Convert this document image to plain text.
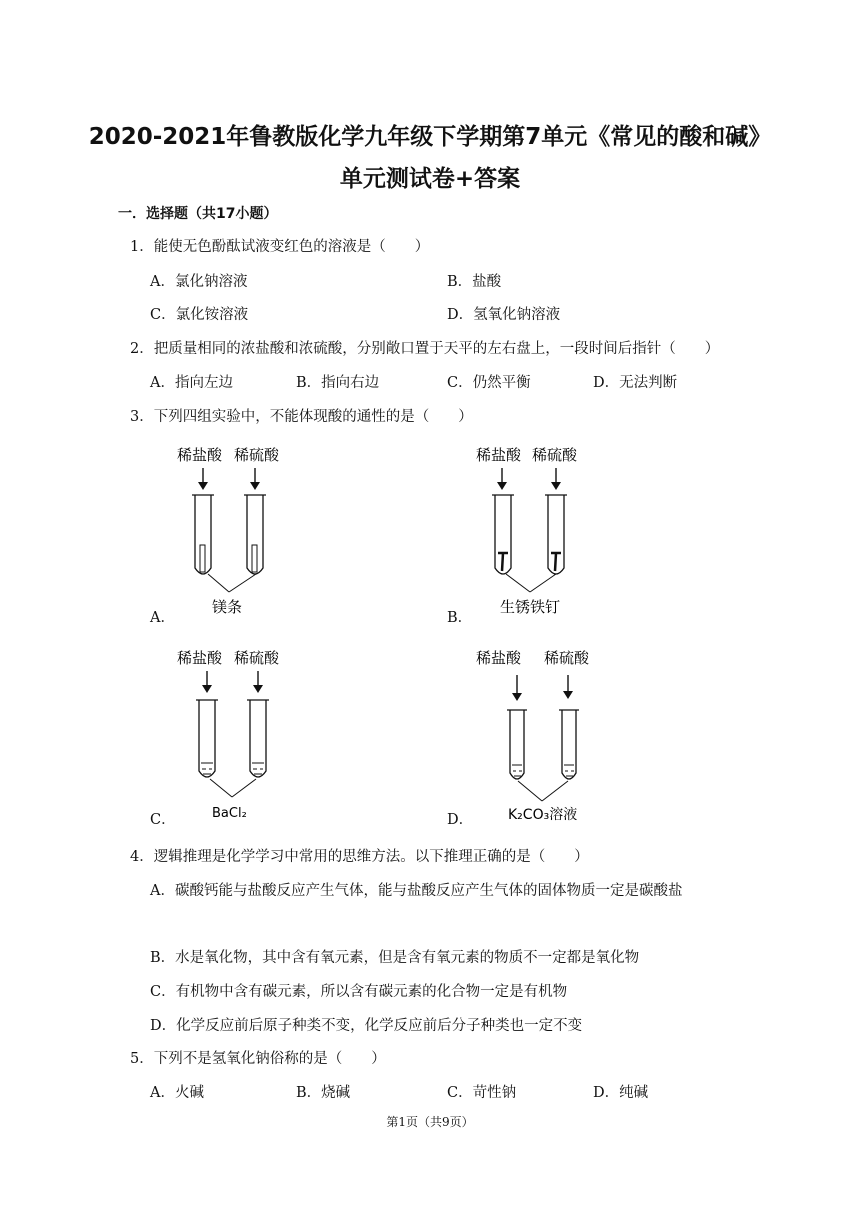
2020-2021年鲁教版化学九年级下学期第7单元《常见的酸和碱》
单元测试卷+答案
一．选择题（共17小题）
1．能使无色酚酞试液变红色的溶液是（　　）
A．氯化钠溶液	B．盐酸
C．氯化铵溶液	D．氢氧化钠溶液
2．把质量相同的浓盐酸和浓硫酸，分别敞口置于天平的左右盘上，一段时间后指针（　　）
A．指向左边	B．指向右边	C．仍然平衡	D．无法判断
3．下列四组实验中，不能体现酸的通性的是（　　）
A．	B．
C．	D．
稀盐酸 稀硫酸
镁条
稀盐酸 稀硫酸
生锈铁钉
稀盐酸 稀硫酸
BaCl₂
稀盐酸 稀硫酸
K₂CO₃溶液
4．逻辑推理是化学学习中常用的思维方法。以下推理正确的是（　　）
A．碳酸钙能与盐酸反应产生气体，能与盐酸反应产生气体的固体物质一定是碳酸盐
B．水是氧化物，其中含有氧元素，但是含有氧元素的物质不一定都是氧化物
C．有机物中含有碳元素，所以含有碳元素的化合物一定是有机物
D．化学反应前后原子种类不变，化学反应前后分子种类也一定不变
5．下列不是氢氧化钠俗称的是（　　）
A．火碱	B．烧碱	C．苛性钠	D．纯碱
第1页（共9页）
